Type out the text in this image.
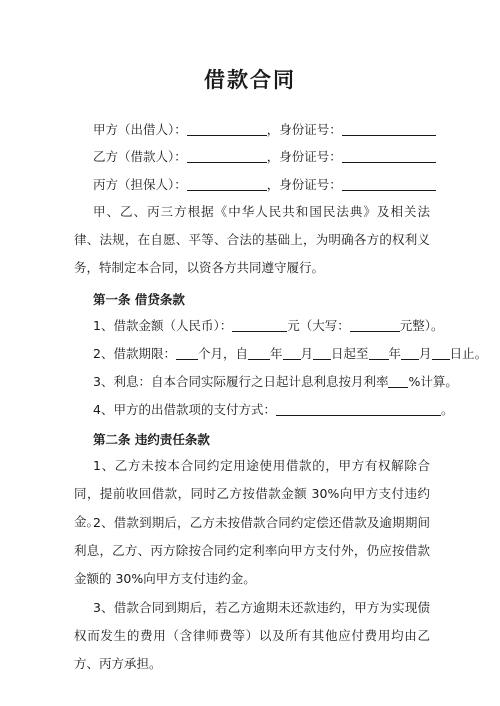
借款合同
甲方（出借人）：	，身份证号：
乙方（借款人）：	，身份证号：
丙方（担保人）：	，身份证号：
甲、乙、丙三方根据《中华人民共和国民法典》及相关法律、法规，在自愿、平等、合法的基础上，为明确各方的权利义务，特制定本合同，以资各方共同遵守履行。
第一条 借贷条款
1、借款金额（人民币）：	元（大写：	元整）。
2、借款期限： 个月，自 年 月 日起至 年 月 日止。
3、利息：自本合同实际履行之日起计息利息按月利率 %计算。
4、甲方的出借款项的支付方式：	。
第二条 违约责任条款
1、乙方未按本合同约定用途使用借款的，甲方有权解除合同，提前收回借款，同时乙方按借款金额 30%向甲方支付违约金。
2、借款到期后，乙方未按借款合同约定偿还借款及逾期期间利息，乙方、丙方除按合同约定利率向甲方支付外，仍应按借款金额的 30%向甲方支付违约金。
3、借款合同到期后，若乙方逾期未还款违约，甲方为实现债权而发生的费用（含律师费等）以及所有其他应付费用均由乙方、丙方承担。
